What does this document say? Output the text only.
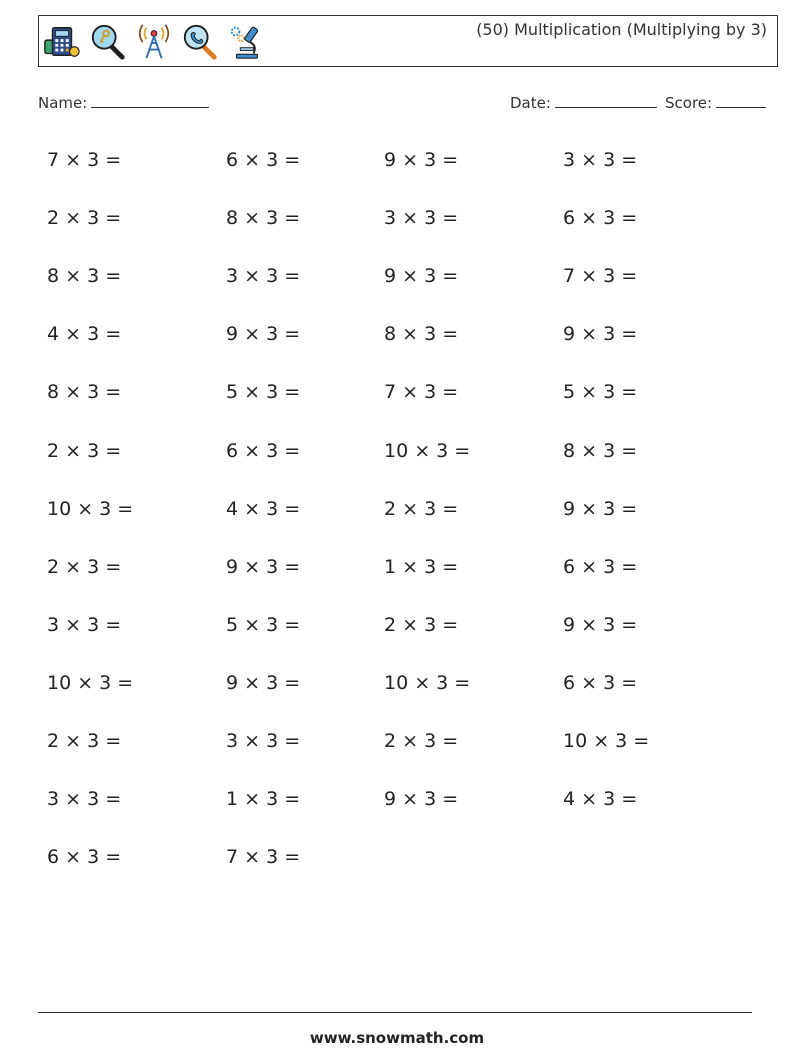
(50) Multiplication (Multiplying by 3)
Name:	Date:	Score:
7 × 3 =	6 × 3 =	9 × 3 =	3 × 3 =
2 × 3 =	8 × 3 =	3 × 3 =	6 × 3 =
8 × 3 =	3 × 3 =	9 × 3 =	7 × 3 =
4 × 3 =	9 × 3 =	8 × 3 =	9 × 3 =
8 × 3 =	5 × 3 =	7 × 3 =	5 × 3 =
2 × 3 =	6 × 3 =	10 × 3 =	8 × 3 =
10 × 3 =	4 × 3 =	2 × 3 =	9 × 3 =
2 × 3 =	9 × 3 =	1 × 3 =	6 × 3 =
3 × 3 =	5 × 3 =	2 × 3 =	9 × 3 =
10 × 3 =	9 × 3 =	10 × 3 =	6 × 3 =
2 × 3 =	3 × 3 =	2 × 3 =	10 × 3 =
3 × 3 =	1 × 3 =	9 × 3 =	4 × 3 =
6 × 3 =	7 × 3 =
www.snowmath.com
